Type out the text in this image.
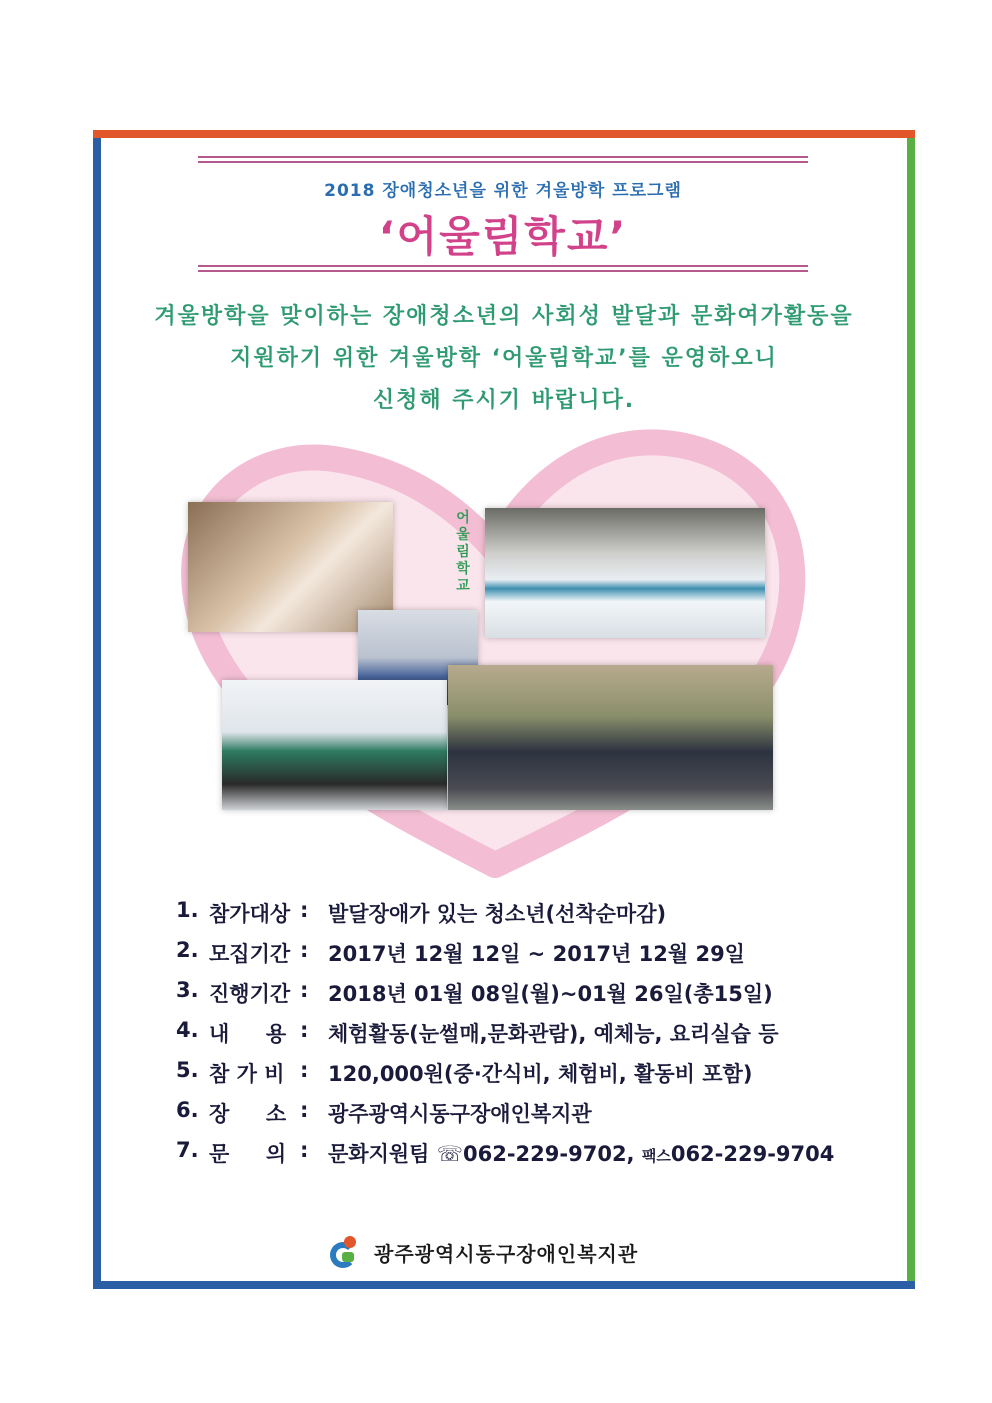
2018 장애청소년을 위한 겨울방학 프로그램
‘어울림학교’
겨울방학을 맞이하는 장애청소년의 사회성 발달과 문화여가활동을
지원하기 위한 겨울방학 ‘어울림학교’를 운영하오니
신청해 주시기 바랍니다.
어울림학교
1. 참가대상 : 발달장애가 있는 청소년(선착순마감)
2. 모집기간 : 2017년 12월 12일 ~ 2017년 12월 29일
3. 진행기간 : 2018년 01월 08일(월)~01월 26일(총15일)
4. 내     용 : 체험활동(눈썰매,문화관람), 예체능, 요리실습 등
5. 참 가 비 : 120,000원(중·간식비, 체험비, 활동비 포함)
6. 장     소 : 광주광역시동구장애인복지관
7. 문     의 : 문화지원팀 ☏062-229-9702, 팩스062-229-9704
광주광역시동구장애인복지관
